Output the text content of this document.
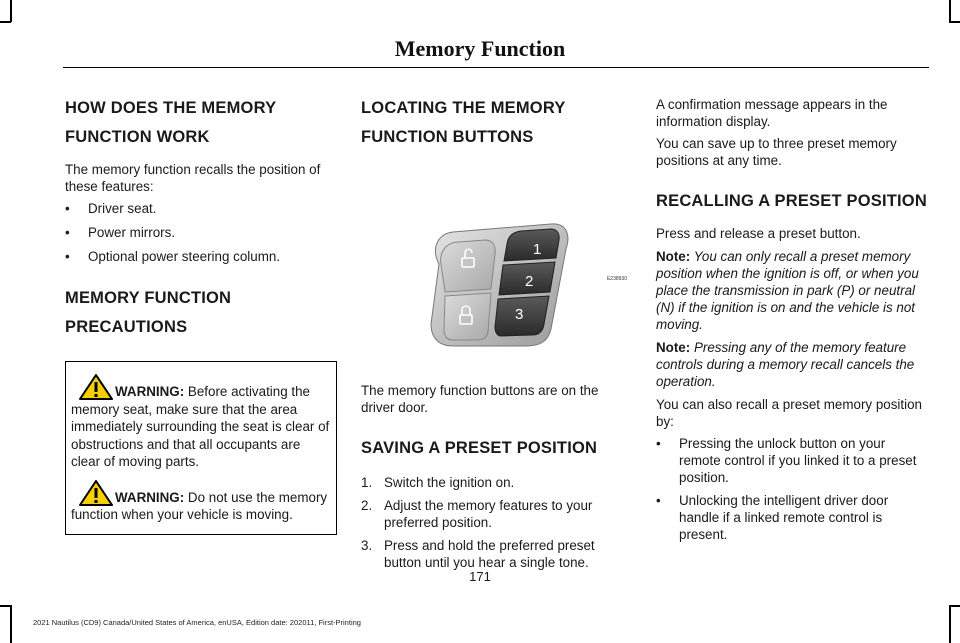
Memory Function
HOW DOES THE MEMORY
FUNCTION WORK

The memory function recalls the position of these features:

• Driver seat.
• Power mirrors.
• Optional power steering column.
MEMORY FUNCTION
PRECAUTIONS

WARNING: Before activating the memory seat, make sure that the area immediately surrounding the seat is clear of obstructions and that all occupants are clear of moving parts.

WARNING: Do not use the memory function when your vehicle is moving.

LOCATING THE MEMORY
FUNCTION BUTTONS
1
2
3
E238930

The memory function buttons are on the driver door.

SAVING A PRESET POSITION
1. Switch the ignition on.
2. Adjust the memory features to your preferred position.
3. Press and hold the preferred preset button until you hear a single tone.

A confirmation message appears in the information display.

You can save up to three preset memory positions at any time.

RECALLING A PRESET POSITION

Press and release a preset button.

Note: You can only recall a preset memory position when the ignition is off, or when you place the transmission in park (P) or neutral (N) if the ignition is on and the vehicle is not moving.

Note: Pressing any of the memory feature controls during a memory recall cancels the operation.

You can also recall a preset memory position by:

• Pressing the unlock button on your remote control if you linked it to a preset position.
• Unlocking the intelligent driver door handle if a linked remote control is present.
171
2021 Nautilus (CD9) Canada/United States of America, enUSA, Edition date: 202011, First-Printing
